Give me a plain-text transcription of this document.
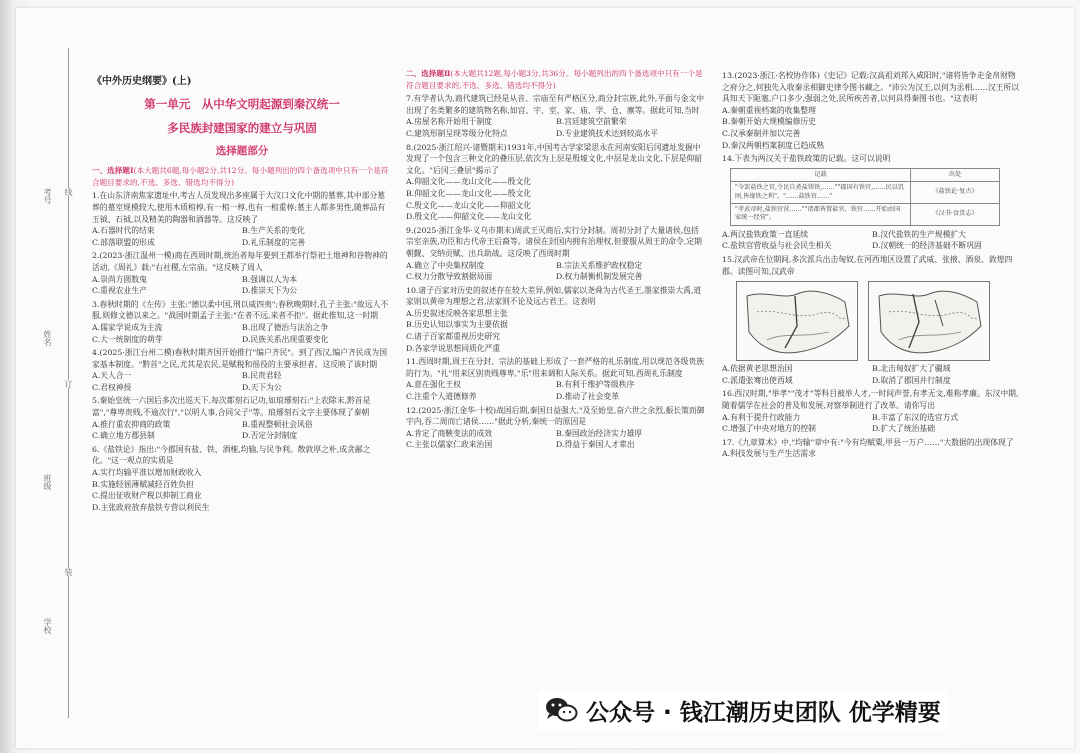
考号
姓名
班级
学校
线
订
装
《中外历史纲要》(上)
第一单元　从中华文明起源到秦汉统一
多民族封建国家的建立与巩固
选择题部分
一、选择题Ⅰ(本大题共6题,每小题2分,共12分。每小题列出的四个备选项中只有一个是符合题目要求的,不选、多选、错选均不得分)
1.在山东济南焦家遗址中,考古人员发现出多座属于大汶口文化中期的墓葬,其中部分墓葬的墓室规模较大,使用木质棺椁,有一棺一椁,也有一棺重椁;墓主人都多男性,随葬品有玉钺、石钺,以及精美的陶器和酒器等。这反映了
A.石器时代的结束	B.生产关系的变化
C.部落联盟的形成	D.礼乐制度的完善
2.(2023·浙江温州一模)商在西周时期,统治者每年要到王都举行祭祀土地神和谷物神的活动,《周礼》载:"右社稷,左宗庙。"这反映了周人
A.崇尚方圆数鬼	B.强调以人为本
C.重视农业生产	D.推崇天下为公
3.春秋时期的《左传》主张:"德以柔中国,刑以威四夷";春秋晚期时,孔子主张:"故远人不服,则修文德以来之。"战国时期孟子主张:"在者不远,来者不拒"。据此推知,这一时期
A.儒家学说成为主流	B.出现了德治与法治之争
C.大一统制度的萌芽	D.民族关系出现重要变化
4.(2025·浙江台州二模)春秋时期齐国开始推行"编户齐民"。到了西汉,编户齐民成为国家基本制度。"黔首"之民,尤其是农民,是赋税和徭役的主要承担者。这反映了该时期
A.天人合一	B.民贵君轻
C.君权神授	D.天下为公
5.秦始皇统一六国后多次出巡天下,每次都刻石记功,如琅琊刻石:"上农除末,黔首是富","尊卑贵贱,不逾次行","以明人事,合同父子"等。琅琊刻石文字主要体现了秦朝
A.推行重农抑商的政策	B.重视整顿社会风俗
C.确立地方郡县制	D.否定分封制度
6.《盐铁论》指出:"今郡国有盐、铁、酒榷,均输,与民争利。散敦厚之朴,成贪鄙之化。"这一观点的实质是
A.实行均输平准以增加财政收入
B.实施轻徭薄赋减轻百姓负担
C.提出征收财产税以抑制工商业
D.主张政府放弃盐铁专营以利民生
二、选择题Ⅱ(本大题共12题,每小题3分,共36分。每小题列出的四个备选项中只有一个是符合题目要求的,不选、多选、错选均不得分)
7.有学者认为,商代建筑已经是从音、宗庙至有严格区分,商分封宗族,此外,平面与金文中出现了名类繁多的建筑物名称,如宫、宇、室、家、庙、学、仓、廪等。据此可知,当时
A.房屋名称开始用于制度	B.宫廷建筑空前繁荣
C.建筑形制呈现等级分化特点	D.专业建筑技术达到较高水平
8.(2025·浙江绍兴·诸暨期末)1931年,中国考古学家梁思永在河南安阳后冈遗址发掘中发现了一个包含三种文化的叠压层,依次为上层是殷墟文化,中层是龙山文化,下层是仰韶文化。"后冈三叠层"揭示了
A.仰韶文化——龙山文化——殷文化
B.仰韶文化——龙山文化——殷文化
C.殷文化——龙山文化——仰韶文化
D.殷文化——仰韶文化——龙山文化
9.(2025·浙江金华·义乌市期末)周武王灭商后,实行分封制。周初分封了大量诸侯,包括宗室亲族,功臣和古代帝王后裔等。诸侯在封国内拥有治理权,但要服从周王的命令,定期朝觐、交纳贡赋、出兵助战。这反映了西周时期
A.确立了中央集权制度	B.宗法关系维护政权稳定
C.权力分散导致割据局面	D.权力制衡机制发展完善
10.诸子百家对历史的叙述存在较大差异,例如,儒家以尧舜为古代圣王,墨家推崇大禹,道家则以黄帝为理想之君,法家则不论及远古君王。这表明
A.历史叙述反映各家思想主张
B.历史认知以事实为主要依据
C.诸子百家都重视历史研究
D.各家学说思想同质化严重
11.西周时期,周王在分封、宗法的基础上形成了一套严格的礼乐制度,用以规范各级贵族的行为。"礼"用来区别贵贱尊卑,"乐"用来调和人际关系。据此可知,西周礼乐制度
A.意在强化王权	B.有利于维护等级秩序
C.注重个人道德修养	D.推动了社会变革
12.(2025·浙江金华·十校)战国后期,秦国日益强大,"及至始皇,奋六世之余烈,振长策而御宇内,吞二周而亡诸侯……"据此分析,秦统一的原因是
A.肯定了商鞅变法的成效	B.秦国政治经济实力雄厚
C.主张以儒家仁政来治国	D.得益于秦国人才辈出
13.(2023·浙江·名校协作体)《史记》记载:汉高祖刘邦入咸阳时,"诸将皆争走金帛财物之府分之,何独先入收秦丞相御史律令图书藏之。"沛公为汉王,以何为丞相……汉王所以具知天下阨塞,户口多少,强弱之处,民所疾苦者,以何具得秦图书也。"这表明
A.秦朝重视档案的收集整理
B.秦朝开始大规模编修历史
C.汉承秦制并加以完善
D.秦汉两朝档案制度已趋成熟
14.下表为两汉关于盐铁政策的记载。这可以说明
记载	出处
"今罢盐铁之官,令民自煮盐铸铁,……""郡国有铁官,……民以饥困,皆缘铁之利"。"……盐铁官……"	《盐铁论·复古》
"孝武帝时,盐铁官营……""诸郡皆置盐官、铁官……开始由国家统一经营"。	《汉书·食货志》
A.两汉盐铁政策一直延续	B.汉代盐铁的生产规模扩大
C.盐铁官营收益与社会民生相关	D.汉朝统一的经济基础不断巩固
15.汉武帝在位期间,多次派兵出击匈奴,在河西地区设置了武威、张掖、酒泉、敦煌四郡。读图可知,汉武帝
A.依据黄老思想治国	B.北击匈奴扩大了疆域
C.派遣张骞出使西域	D.取消了郡国并行制度
16.西汉时期,"举孝""茂才"等科目被举人才,一时间声誉,有孝无文,难称孝廉。东汉中期,随着儒学在社会的普及和发展,对察举制进行了改革。请你写出
A.有利于提升行政能力	B.丰富了东汉的选官方式
C.增强了中央对地方的控制	D.扩大了统治基础
17.《九章算术》中,"均输"章中有:"今有均赋粟,甲县一万户……"大数据的出现体现了
A.科技发展与生产生活需求
公众号 · 钱江潮历史团队 优学精要
